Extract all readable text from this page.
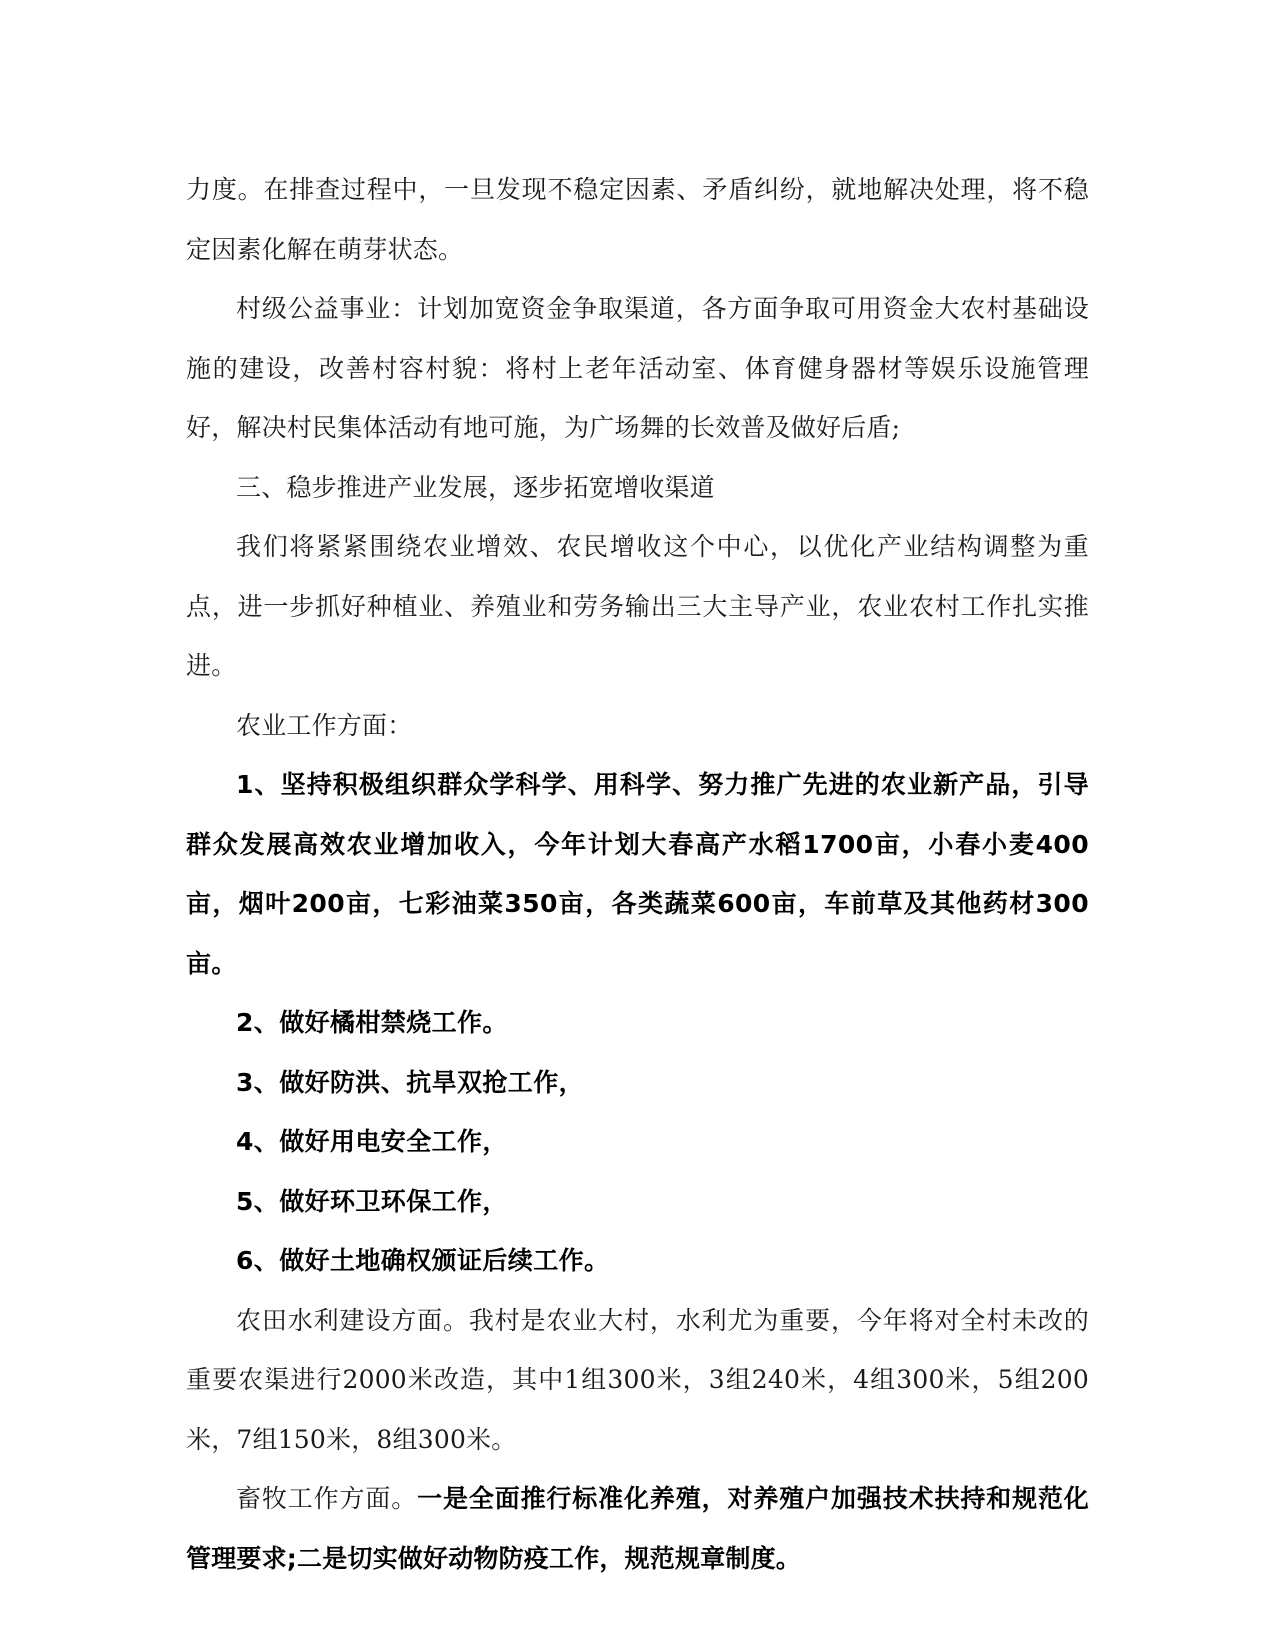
力度。在排查过程中，一旦发现不稳定因素、矛盾纠纷，就地解决处理，将不稳定因素化解在萌芽状态。

村级公益事业：计划加宽资金争取渠道，各方面争取可用资金大农村基础设施的建设，改善村容村貌：将村上老年活动室、体育健身器材等娱乐设施管理好，解决村民集体活动有地可施，为广场舞的长效普及做好后盾;

三、稳步推进产业发展，逐步拓宽增收渠道

我们将紧紧围绕农业增效、农民增收这个中心，以优化产业结构调整为重点，进一步抓好种植业、养殖业和劳务输出三大主导产业，农业农村工作扎实推进。

农业工作方面：

1、坚持积极组织群众学科学、用科学、努力推广先进的农业新产品，引导群众发展高效农业增加收入，今年计划大春高产水稻1700亩，小春小麦400亩，烟叶200亩，七彩油菜350亩，各类蔬菜600亩，车前草及其他药材300亩。

2、做好橘柑禁烧工作。

3、做好防洪、抗旱双抢工作，

4、做好用电安全工作，

5、做好环卫环保工作，

6、做好土地确权颁证后续工作。

农田水利建设方面。我村是农业大村，水利尤为重要，今年将对全村未改的重要农渠进行2000米改造，其中1组300米，3组240米，4组300米，5组200米，7组150米，8组300米。

畜牧工作方面。一是全面推行标准化养殖，对养殖户加强技术扶持和规范化管理要求;二是切实做好动物防疫工作，规范规章制度。
